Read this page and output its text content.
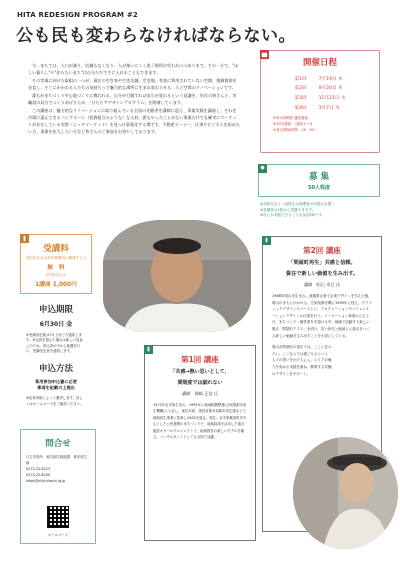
HITA REDESIGN PROGRAM #2
公も民も変わらなければならない。

今、まちでは、人口が減り、店舗もなくなり、人が集いにくく思う場所が失われつつあります。その一方で、"ほしい暮らし"や"住みたいまち"は自分たちで手に入れることもできます。

その実現に向けた取組の一つが、現在の空き家や空き店舗、空き地、有効に利用されていない空間、地域資源を見直し、そこにかかわる人たちの気持ちって魅力的な場所に生まれ変わらせる、人と空間のリノベーションです。

誰もがまちづくり中心地づくりに携われる。自分が行動すればまちが変わるという意識を、市民の皆さんと、市職員の双方でつくりあげるため、「ひたちアデザインプログラム」を開催しています。

この講座は、魅力的なリノベーションに取り組んでいる全国の先駆者を講師に迎え、事業実践を講演し、それを市場に還元できるパシブオーン（投資組合のような）な人材、誰もやったことがない事業だけでも確実にマーケットが存在している実際（ニッチマーケット）を見つけ事業化する場です。不動産オーナー、仕事やビジネスを始めたい方、事業を拡大したい方など皆さんのご参加をお待ちしております。

開催日程
第1回	7月19日 木
第2回	9月20日 木
第3回	11月21日 水
第4回	3月7日 水
※第4回開催 連続講座
※1回1講座 （講座1コま
※受付開始時間：18：30～
募 集
50人程度
※高校生以上（高校生は保護者の同意が必要）
※受講者は1回から受講できます。
※なにか実践できることも参加OKです
第2回 講座
「問屋町再生」共感と信頼。
資在で新しい価値を生み出す。
講師　昭石 卓巳 氏
1968年岡山市生まれ。流通系企業で企業デザインを学んだ後、岡山のまちにかかわる。空家改修を機に1999年に独立。グラフィックデザインやパーストに、アロクレーションやコミュニケーションデザインの仕事を行う。リノベーション事業の立ち上げ、まちづくり・場営業を手掛ける中、地域で活動する新しい拠点「問屋町テラス」を設け、若い世代と地域とに接点をつくる新しい価値を生み出すことを大切にしている。
岡山市問屋町の再生では、ここに住みたい、ここならでは過ごせるという人々の思いをかたちにし、エリアの魅力を高める実践を重ね、開業する店舗のデザインをサポート。
受講料
市内在住又は市内事業所に勤務する人
無　料
市外在住の人
1講座 1,000円
申込期限
6月30日 金
※受講決定後は7月上旬ごろ通知します。※定員を超えた場合は新しい見直しのため、申込者の中から抽選を行い、受講決定者を通知します。
申込方法
専用参加申込書に必要
事項を記載の上提出
※応募用紙によって選考します。詳しくはホームページをご確認ください。
問合せ
日立市役所　地方創生推進課　都市再生係
0273-22-8223
0273-22-8250
hitshi@city.hitachi.lg.jp
ホームページ
第1回 講座
「共感→熱い思いとして、
間制度では細れない
講師　岡崎 正信 氏
1972年岩手県生まれ。1995年に地域振興整備公団(現都市再生機構)に入社し、東京本部、建設省都市局都市再生課などで地域再生事業に従事し2002年退社。現在、岩手県紫波町を中心とした公民連携のまちづくりで、地域資源を活用した複合施設オガールプロジェクトで、地域経営の新しいモデルを確立。コンサルタントとしても全国で活躍。
